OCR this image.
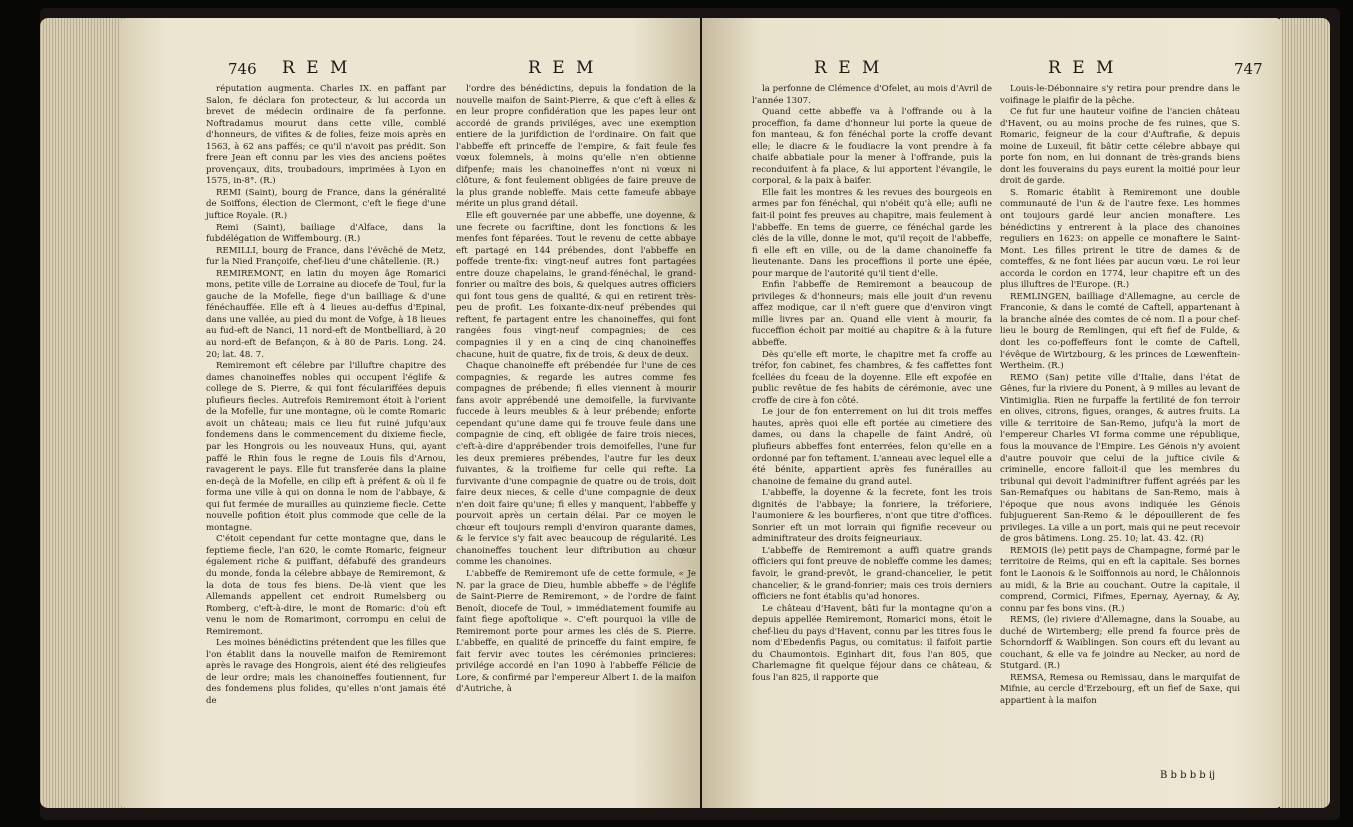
746 R E M	R E M

réputation augmenta. Charles IX. en paffant par Salon, fe déclara fon protecteur, & lui accorda un brevet de médecin ordinaire de fa perfonne. Noftradamus mourut dans cette ville, comblé d'honneurs, de vifites & de folies, feize mois après en 1563, à 62 ans paffés; ce qu'il n'avoit pas prédit. Son frere Jean eft connu par les vies des anciens poëtes provençaux, dits, troubadours, imprimées à Lyon en 1575, in-8°. (R.)

REMI (Saint), bourg de France, dans la généralité de Soiffons, élection de Clermont, c'eft le fiege d'une juftice Royale. (R.)

Remi (Saint), bailiage d'Alface, dans la fubdélégation de Wiffembourg. (R.)

REMILLI, bourg de France, dans l'évêché de Metz, fur la Nied Françoife, chef-lieu d'une châtellenie. (R.)

REMIREMONT, en latin du moyen âge Romarici mons, petite ville de Lorraine au diocefe de Toul, fur la gauche de la Mofelle, fiege d'un bailliage & d'une fénéchauffée. Elle eft à 4 lieues au-deffus d'Epinal, dans une vallée, au pied du mont de Vofge, à 18 lieues au fud-eft de Nanci, 11 nord-eft de Montbelliard, à 20 au nord-eft de Befançon, & à 80 de Paris. Long. 24. 20; lat. 48. 7.

Remiremont eft célebre par l'illuftre chapitre des dames chanoineffes nobles qui occupent l'églife & college de S. Pierre, & qui font féculariffées depuis plufieurs fiecles. Autrefois Remiremont étoit à l'orient de la Mofelle, fur une montagne, où le comte Romaric avoit un château; mais ce lieu fut ruiné jufqu'aux fondemens dans le commencement du dixieme fiecle, par les Hongrois ou les nouveaux Huns, qui, ayant paffé le Rhin fous le regne de Louis fils d'Arnou, ravagerent le pays. Elle fut transferée dans la plaine en-deçà de la Mofelle, en cilip eft à préfent & où il fe forma une ville à qui on donna le nom de l'abbaye, & qui fut fermée de murailles au quinzieme fiecle. Cette nouvelle pofition étoit plus commode que celle de la montagne.

C'étoit cependant fur cette montagne que, dans le feptieme fiecle, l'an 620, le comte Romaric, feigneur également riche & puiffant, défabufé des grandeurs du monde, fonda la célebre abbaye de Remiremont, & la dota de tous fes biens. De-là vient que les Allemands appellent cet endroit Rumelsberg ou Romberg, c'eft-à-dire, le mont de Romaric: d'où eft venu le nom de Romarimont, corrompu en celui de Remiremont.

Les moines bénédictins prétendent que les filles que l'on établit dans la nouvelle maifon de Remiremont après le ravage des Hongrois, aient été des religieufes de leur ordre; mais les chanoineffes foutiennent, fur des fondemens plus folides, qu'elles n'ont jamais été de

l'ordre des bénédictins, depuis la fondation de la nouvelle maifon de Saint-Pierre, & que c'eft à elles & en leur propre confidération que les papes leur ont accordé de grands priviléges, avec une exemption entiere de la jurifdiction de l'ordinaire. On fait que l'abbeffe eft princeffe de l'empire, & fait feule fes vœux folemnels, à moins qu'elle n'en obtienne difpenfe; mais les chanoineffes n'ont ni vœux ni clôture, & font feulement obligées de faire preuve de la plus grande nobleffe. Mais cette fameufe abbaye mérite un plus grand détail.

Elle eft gouvernée par une abbeffe, une doyenne, & une fecrete ou facriftine, dont les fonctions & les menfes font féparées. Tout le revenu de cette abbaye eft partagé en 144 prébendes, dont l'abbeffe en poffede trente-fix: vingt-neuf autres font partagées entre douze chapelains, le grand-fénéchal, le grand-fonrier ou maître des bois, & quelques autres officiers qui font tous gens de qualité, & qui en retirent très-peu de profit. Les foixante-dix-neuf prébendes qui reftent, fe partagent entre les chanoineffes, qui font rangées fous vingt-neuf compagnies; de ces compagnies il y en a cinq de cinq chanoineffes chacune, huit de quatre, fix de trois, & deux de deux.

Chaque chanoineffe eft prébendée fur l'une de ces compagnies, & regarde les autres comme fes compagnes de prébende; fi elles viennent à mourir fans avoir apprébendé une demoifelle, la furvivante fuccede à leurs meubles & à leur prébende; enforte cependant qu'une dame qui fe trouve feule dans une compagnie de cinq, eft obligée de faire trois nieces, c'eft-à-dire d'apprébender trois demoifelles, l'une fur les deux premieres prébendes, l'autre fur les deux fuivantes, & la troifieme fur celle qui refte. La furvivante d'une compagnie de quatre ou de trois, doit faire deux nieces, & celle d'une compagnie de deux n'en doit faire qu'une; fi elles y manquent, l'abbeffe y pourvoit après un certain délai. Par ce moyen le chœur eft toujours rempli d'environ quarante dames, & le fervice s'y fait avec beaucoup de régularité. Les chanoineffes touchent leur diftribution au chœur comme les chanoines.

L'abbeffe de Remiremont ufe de cette formule, « Je N. par la grace de Dieu, humble abbeffe » de l'églife de Saint-Pierre de Remiremont, » de l'ordre de faint Benoît, diocefe de Toul, » immédiatement foumife au faint fiege apoftolique ». C'eft pourquoi la ville de Remiremont porte pour armes les clés de S. Pierre. L'abbeffe, en qualité de princeffe du faint empire, fe fait fervir avec toutes les cérémonies princieres: privilége accordé en l'an 1090 à l'abbeffe Félicie de Lore, & confirmé par l'empereur Albert I. de la maifon d'Autriche, à

R E M	R E M	747

la perfonne de Clémence d'Ofelet, au mois d'Avril de l'année 1307.

Quand cette abbeffe va à l'offrande ou à la proceffion, fa dame d'honneur lui porte la queue de fon manteau, & fon fénéchal porte la croffe devant elle; le diacre & le foudiacre la vont prendre à fa chaife abbatiale pour la mener à l'offrande, puis la reconduifent à fa place, & lui apportent l'évangile, le corporal, & la paix à baifer.

Elle fait les montres & les revues des bourgeois en armes par fon fénéchal, qui n'obéit qu'à elle; aufli ne fait-il point fes preuves au chapitre, mais feulement à l'abbeffe. En tems de guerre, ce fénéchal garde les clés de la ville, donne le mot, qu'il reçoit de l'abbeffe, fi elle eft en ville, ou de la dame chanoineffe fa lieutenante. Dans les proceffions il porte une épée, pour marque de l'autorité qu'il tient d'elle.

Enfin l'abbeffe de Remiremont a beaucoup de privileges & d'honneurs; mais elle jouit d'un revenu affez modique, car il n'eft guere que d'environ vingt mille livres par an. Quand elle vient à mourir, fa fucceffion échoit par moitié au chapitre & à la future abbeffe.

Dès qu'elle eft morte, le chapitre met fa croffe au tréfor, fon cabinet, fes chambres, & fes caffettes font fcellées du fceau de la doyenne. Elle eft expofée en public revêtue de fes habits de cérémonie, avec une croffe de cire à fon côté.

Le jour de fon enterrement on lui dit trois meffes hautes, après quoi elle eft portée au cimetiere des dames, ou dans la chapelle de faint André, où plufieurs abbeffes font enterrées, felon qu'elle en a ordonné par fon teftament. L'anneau avec lequel elle a été bénite, appartient après fes funérailles au chanoine de femaine du grand autel.

L'abbeffe, la doyenne & la fecrete, font les trois dignités de l'abbaye; la fonriere, la tréforiere, l'aumoniere & les bourfieres, n'ont que titre d'offices. Sonrier eft un mot lorrain qui fignifie receveur ou adminiftrateur des droits feigneuriaux.

L'abbeffe de Remiremont a auffi quatre grands officiers qui font preuve de nobleffe comme les dames; favoir, le grand-prevôt, le grand-chancelier, le petit chancelier, & le grand-fonrier; mais ces trois derniers officiers ne font établis qu'ad honores.

Le château d'Havent, bâti fur la montagne qu'on a depuis appellée Remiremont, Romarici mons, étoit le chef-lieu du pays d'Havent, connu par les titres fous le nom d'Ebedenfis Pagus, ou comitatus: il faifoit partie du Chaumontois. Eginhart dit, fous l'an 805, que Charlemagne fit quelque féjour dans ce château, & fous l'an 825, il rapporte que

Louis-le-Débonnaire s'y retira pour prendre dans le voifinage le plaifir de la pêche.

Ce fut fur une hauteur voifine de l'ancien château d'Havent, ou au moins proche de fes ruines, que S. Romaric, feigneur de la cour d'Auftrafie, & depuis moine de Luxeuil, fit bâtir cette célebre abbaye qui porte fon nom, en lui donnant de très-grands biens dont les fouverains du pays eurent la moitié pour leur droit de garde.

S. Romaric établit à Remiremont une double communauté de l'un & de l'autre fexe. Les hommes ont toujours gardé leur ancien monaftere. Les bénédictins y entrerent à la place des chanoines reguliers en 1623: on appelle ce monaftere le Saint-Mont. Les filles prirent le titre de dames & de comteffes, & ne font liées par aucun vœu. Le roi leur accorda le cordon en 1774, leur chapitre eft un des plus illuftres de l'Europe. (R.)

REMLINGEN, bailliage d'Allemagne, au cercle de Franconie, & dans le comté de Caftell, appartenant à la branche aînée des comtes de cé nom. Il a pour chef-lieu le bourg de Remlingen, qui eft fief de Fulde, & dont les co-poffeffeurs font le comte de Caftell, l'évêque de Wirtzbourg, & les princes de Lœwenftein-Wertheim. (R.)

REMO (San) petite ville d'Italie, dans l'état de Gênes, fur la riviere du Ponent, à 9 milles au levant de Vintimiglia. Rien ne furpaffe la fertilité de fon terroir en olives, citrons, figues, oranges, & autres fruits. La ville & territoire de San-Remo, jufqu'à la mort de l'empereur Charles VI forma comme une république, fous la mouvance de l'Empire. Les Génois n'y avoient d'autre pouvoir que celui de la juftice civile & criminelle, encore falloit-il que les membres du tribunal qui devoit l'adminiftrer fuffent agréés par les San-Remafques ou habitans de San-Remo, mais à l'époque que nous avons indiquée les Génois fubjuguerent San-Remo & le dépouillerent de fes privileges. La ville a un port, mais qui ne peut recevoir de gros bâtimens. Long. 25. 10; lat. 43. 42. (R)

REMOIS (le) petit pays de Champagne, formé par le territoire de Reims, qui en eft la capitale. Ses bornes font le Laonois & le Soiffonnois au nord, le Châlonnois au midi, & la Brie au couchant. Outre la capitale, il comprend, Cormici, Fifmes, Epernay, Ayernay, & Ay, connu par fes bons vins. (R.)

REMS, (le) riviere d'Allemagne, dans la Souabe, au duché de Wirtemberg; elle prend fa fource près de Schorndorff & Waiblingen. Son cours eft du levant au couchant, & elle va fe joindre au Necker, au nord de Stutgard. (R.)

REMSA, Remesa ou Remissau, dans le marquifat de Mifnie, au cercle d'Erzebourg, eft un fief de Saxe, qui appartient à la maifon

B b b b b ij
